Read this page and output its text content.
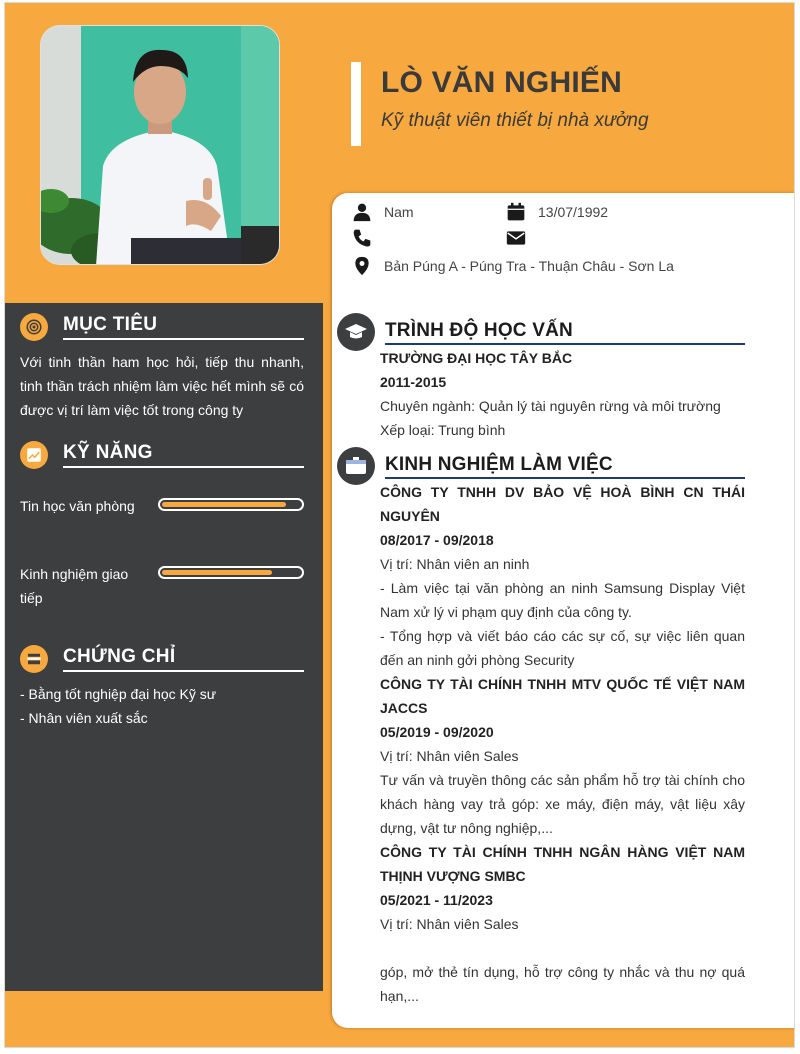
LÒ VĂN NGHIẾN
Kỹ thuật viên thiết bị nhà xưởng
Nam	13/07/1992
Bản Púng A - Púng Tra - Thuận Châu - Sơn La
MỤC TIÊU
Với tinh thần ham học hỏi, tiếp thu nhanh, tinh thần trách nhiệm làm việc hết mình sẽ có được vị trí làm việc tốt trong công ty
KỸ NĂNG
Tin học văn phòng
Kinh nghiệm giao tiếp
CHỨNG CHỈ
- Bằng tốt nghiệp đại học Kỹ sư
- Nhân viên xuất sắc
TRÌNH ĐỘ HỌC VẤN
TRƯỜNG ĐẠI HỌC TÂY BẮC
2011-2015
Chuyên ngành: Quản lý tài nguyên rừng và môi trường
Xếp loại: Trung bình
KINH NGHIỆM LÀM VIỆC
CÔNG TY TNHH DV BẢO VỆ HOÀ BÌNH CN THÁI NGUYÊN
08/2017 - 09/2018
Vị trí: Nhân viên an ninh
- Làm việc tại văn phòng an ninh Samsung Display Việt Nam xử lý vi phạm quy định của công ty.
- Tổng hợp và viết báo cáo các sự cố, sự việc liên quan đến an ninh gởi phòng Security
CÔNG TY TÀI CHÍNH TNHH MTV QUỐC TẾ VIỆT NAM JACCS
05/2019 - 09/2020
Vị trí: Nhân viên Sales
Tư vấn và truyền thông các sản phẩm hỗ trợ tài chính cho khách hàng vay trả góp: xe máy, điện máy, vật liệu xây dựng, vật tư nông nghiệp,...
CÔNG TY TÀI CHÍNH TNHH NGÂN HÀNG VIỆT NAM THỊNH VƯỢNG SMBC
05/2021 - 11/2023
Vị trí: Nhân viên Sales
góp, mở thẻ tín dụng, hỗ trợ công ty nhắc và thu nợ quá hạn,...
